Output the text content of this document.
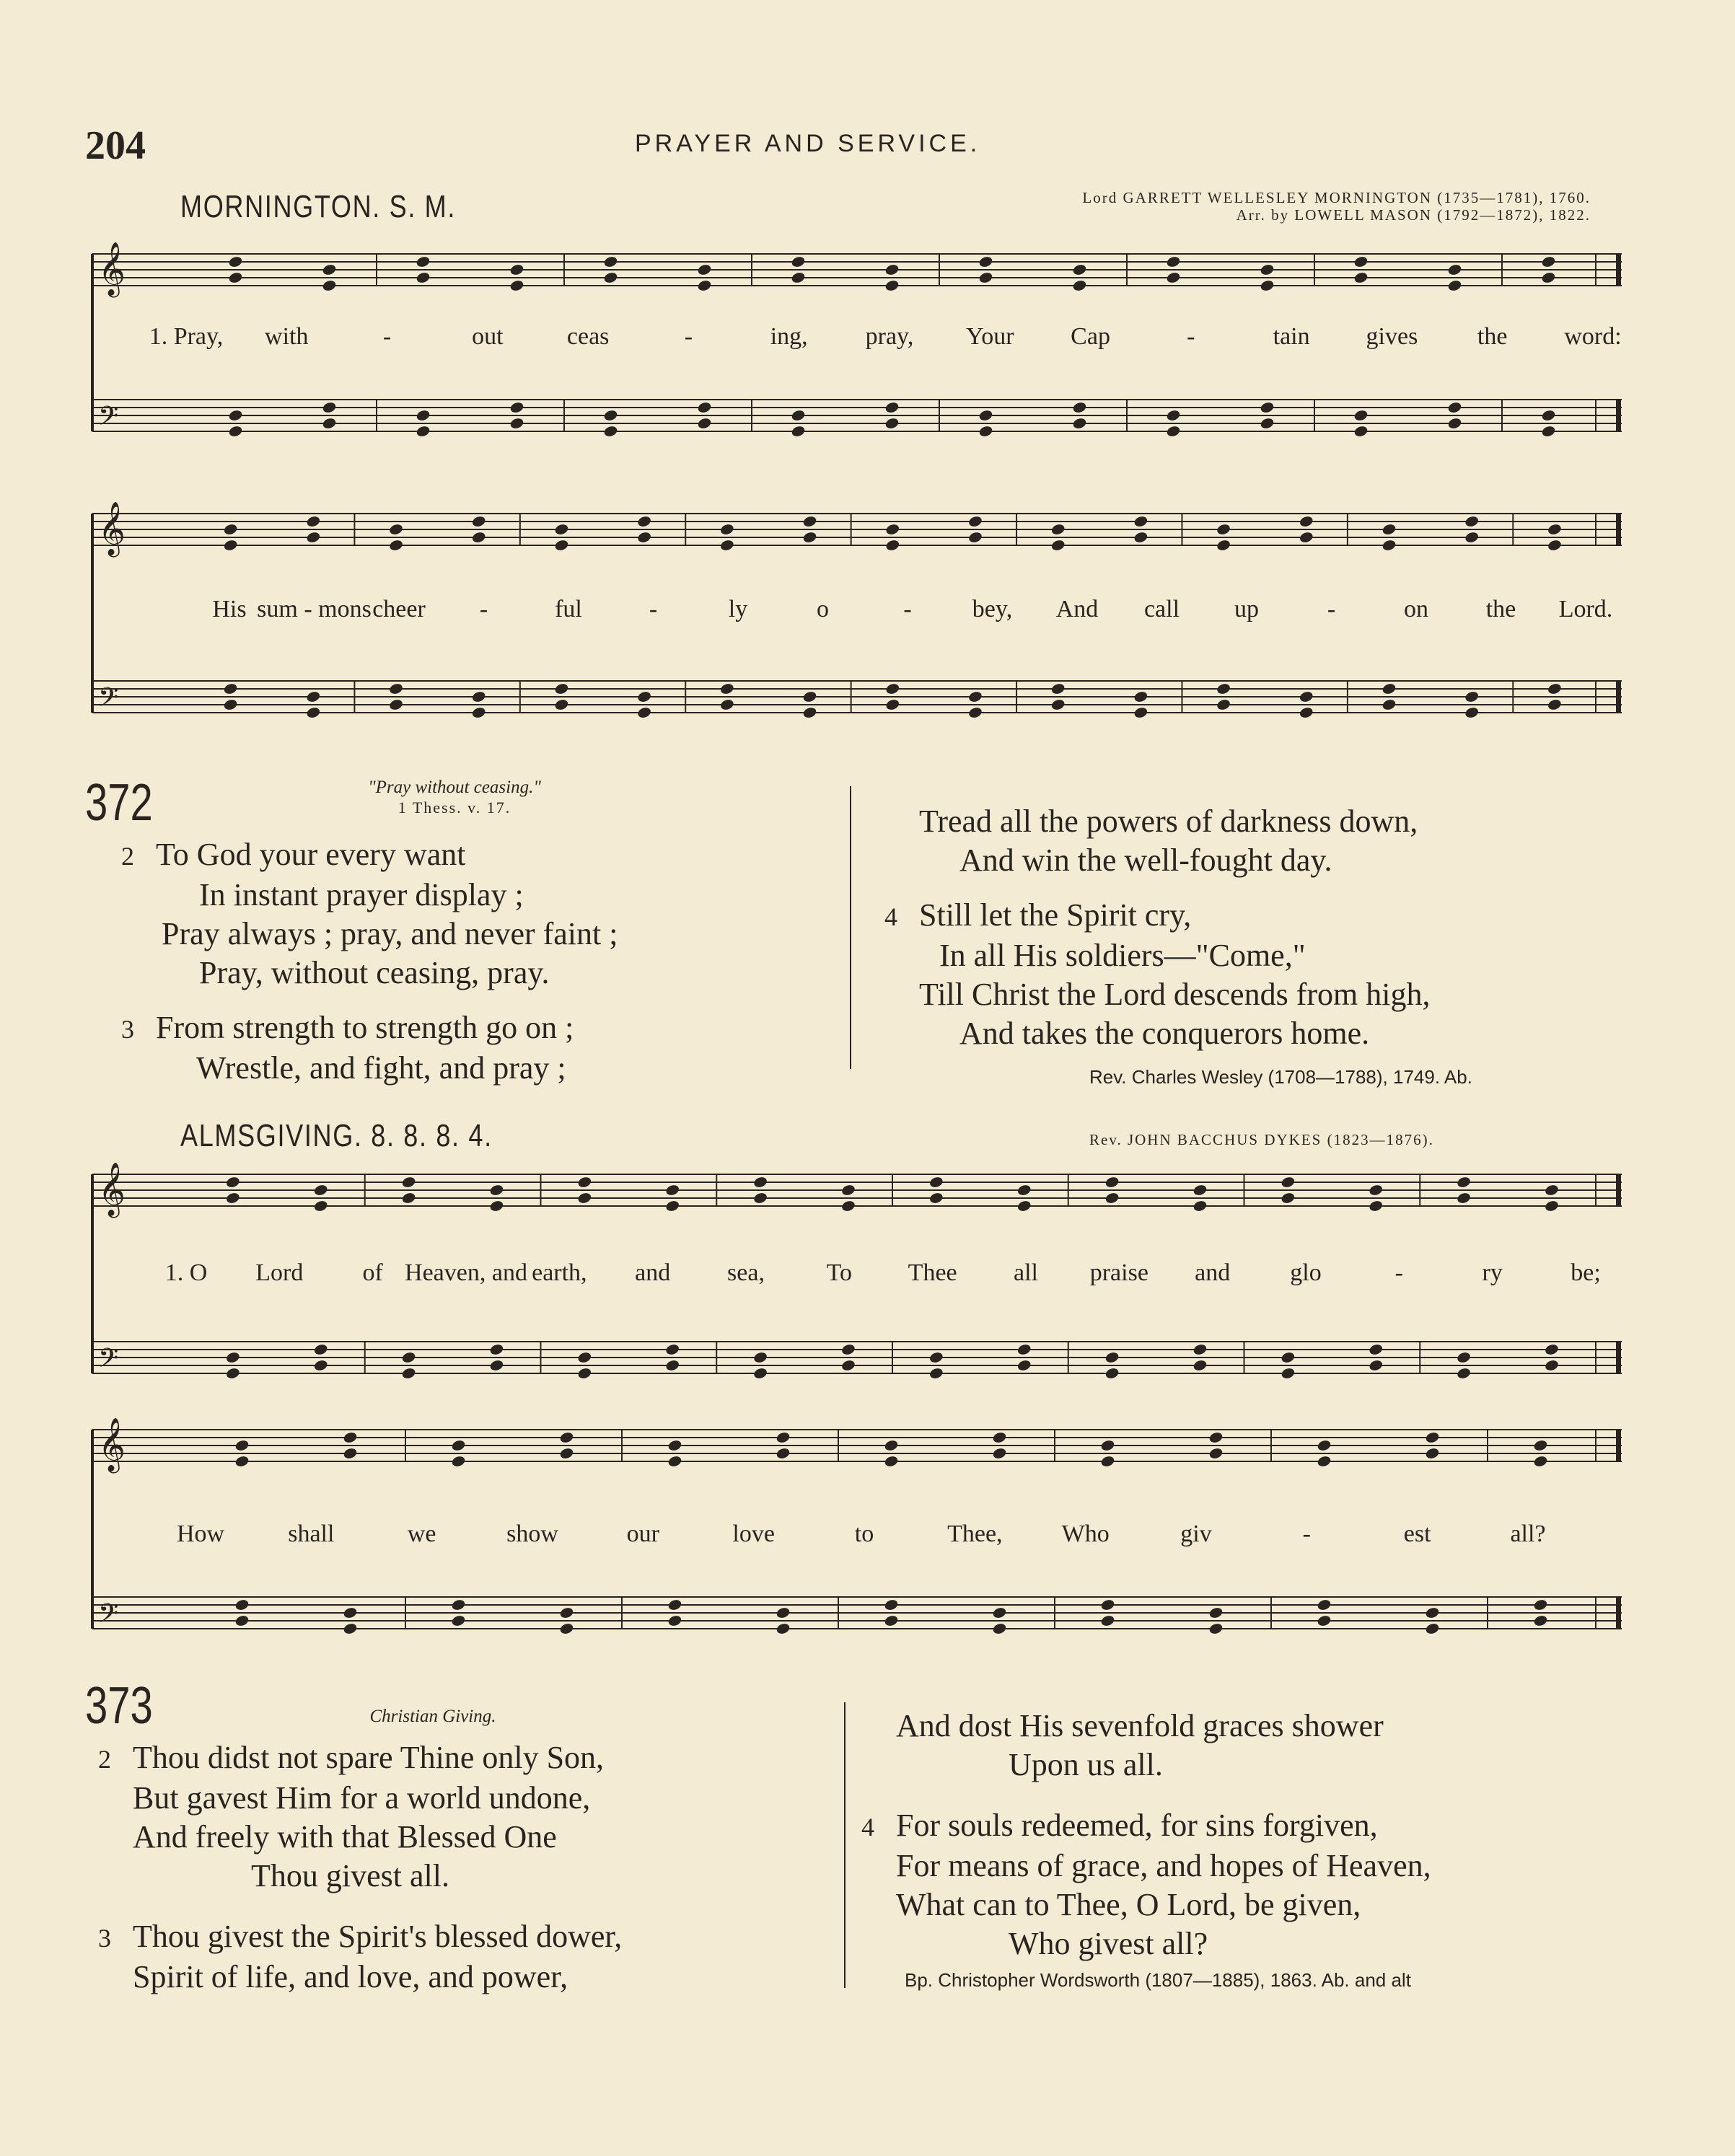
204	PRAYER AND SERVICE.
MORNINGTON. S. M.	Lord GARRETT WELLESLEY MORNINGTON (1735—1781), 1760.
Arr. by LOWELL MASON (1792—1872), 1822.
𝄞
𝄢
1. Pray, with	-	out	ceas	-	ing, pray, Your Cap	-	tain gives the word:
𝄞
𝄢
His sum - mons cheer -	ful	-	ly	o	- bey, And call up	-	on the Lord.
372	"Pray without ceasing."
1 Thess. v. 17.
2 To God your every want
In instant prayer display ;
Pray always ; pray, and never faint ;
Pray, without ceasing, pray.
3 From strength to strength go on ;
Wrestle, and fight, and pray ;
Tread all the powers of darkness down,
And win the well-fought day.
4 Still let the Spirit cry,
In all His soldiers—"Come,"
Till Christ the Lord descends from high,
And takes the conquerors home.
Rev. Charles Wesley (1708—1788), 1749. Ab.
ALMSGIVING. 8. 8. 8. 4.	Rev. JOHN BACCHUS DYKES (1823—1876).
𝄞
𝄢
1. O Lord of Heaven, and earth, and sea,	To Thee all praise and glo	-	ry	be;
𝄞
𝄢
How	shall	we	show	our	love	to	Thee, Who	giv	-	est	all?
373	Christian Giving.
2 Thou didst not spare Thine only Son,
But gavest Him for a world undone,
And freely with that Blessed One
Thou givest all.
3 Thou givest the Spirit's blessed dower,
Spirit of life, and love, and power,
And dost His sevenfold graces shower
Upon us all.
4 For souls redeemed, for sins forgiven,
For means of grace, and hopes of Heaven,
What can to Thee, O Lord, be given,
Who givest all?
Bp. Christopher Wordsworth (1807—1885), 1863. Ab. and alt
